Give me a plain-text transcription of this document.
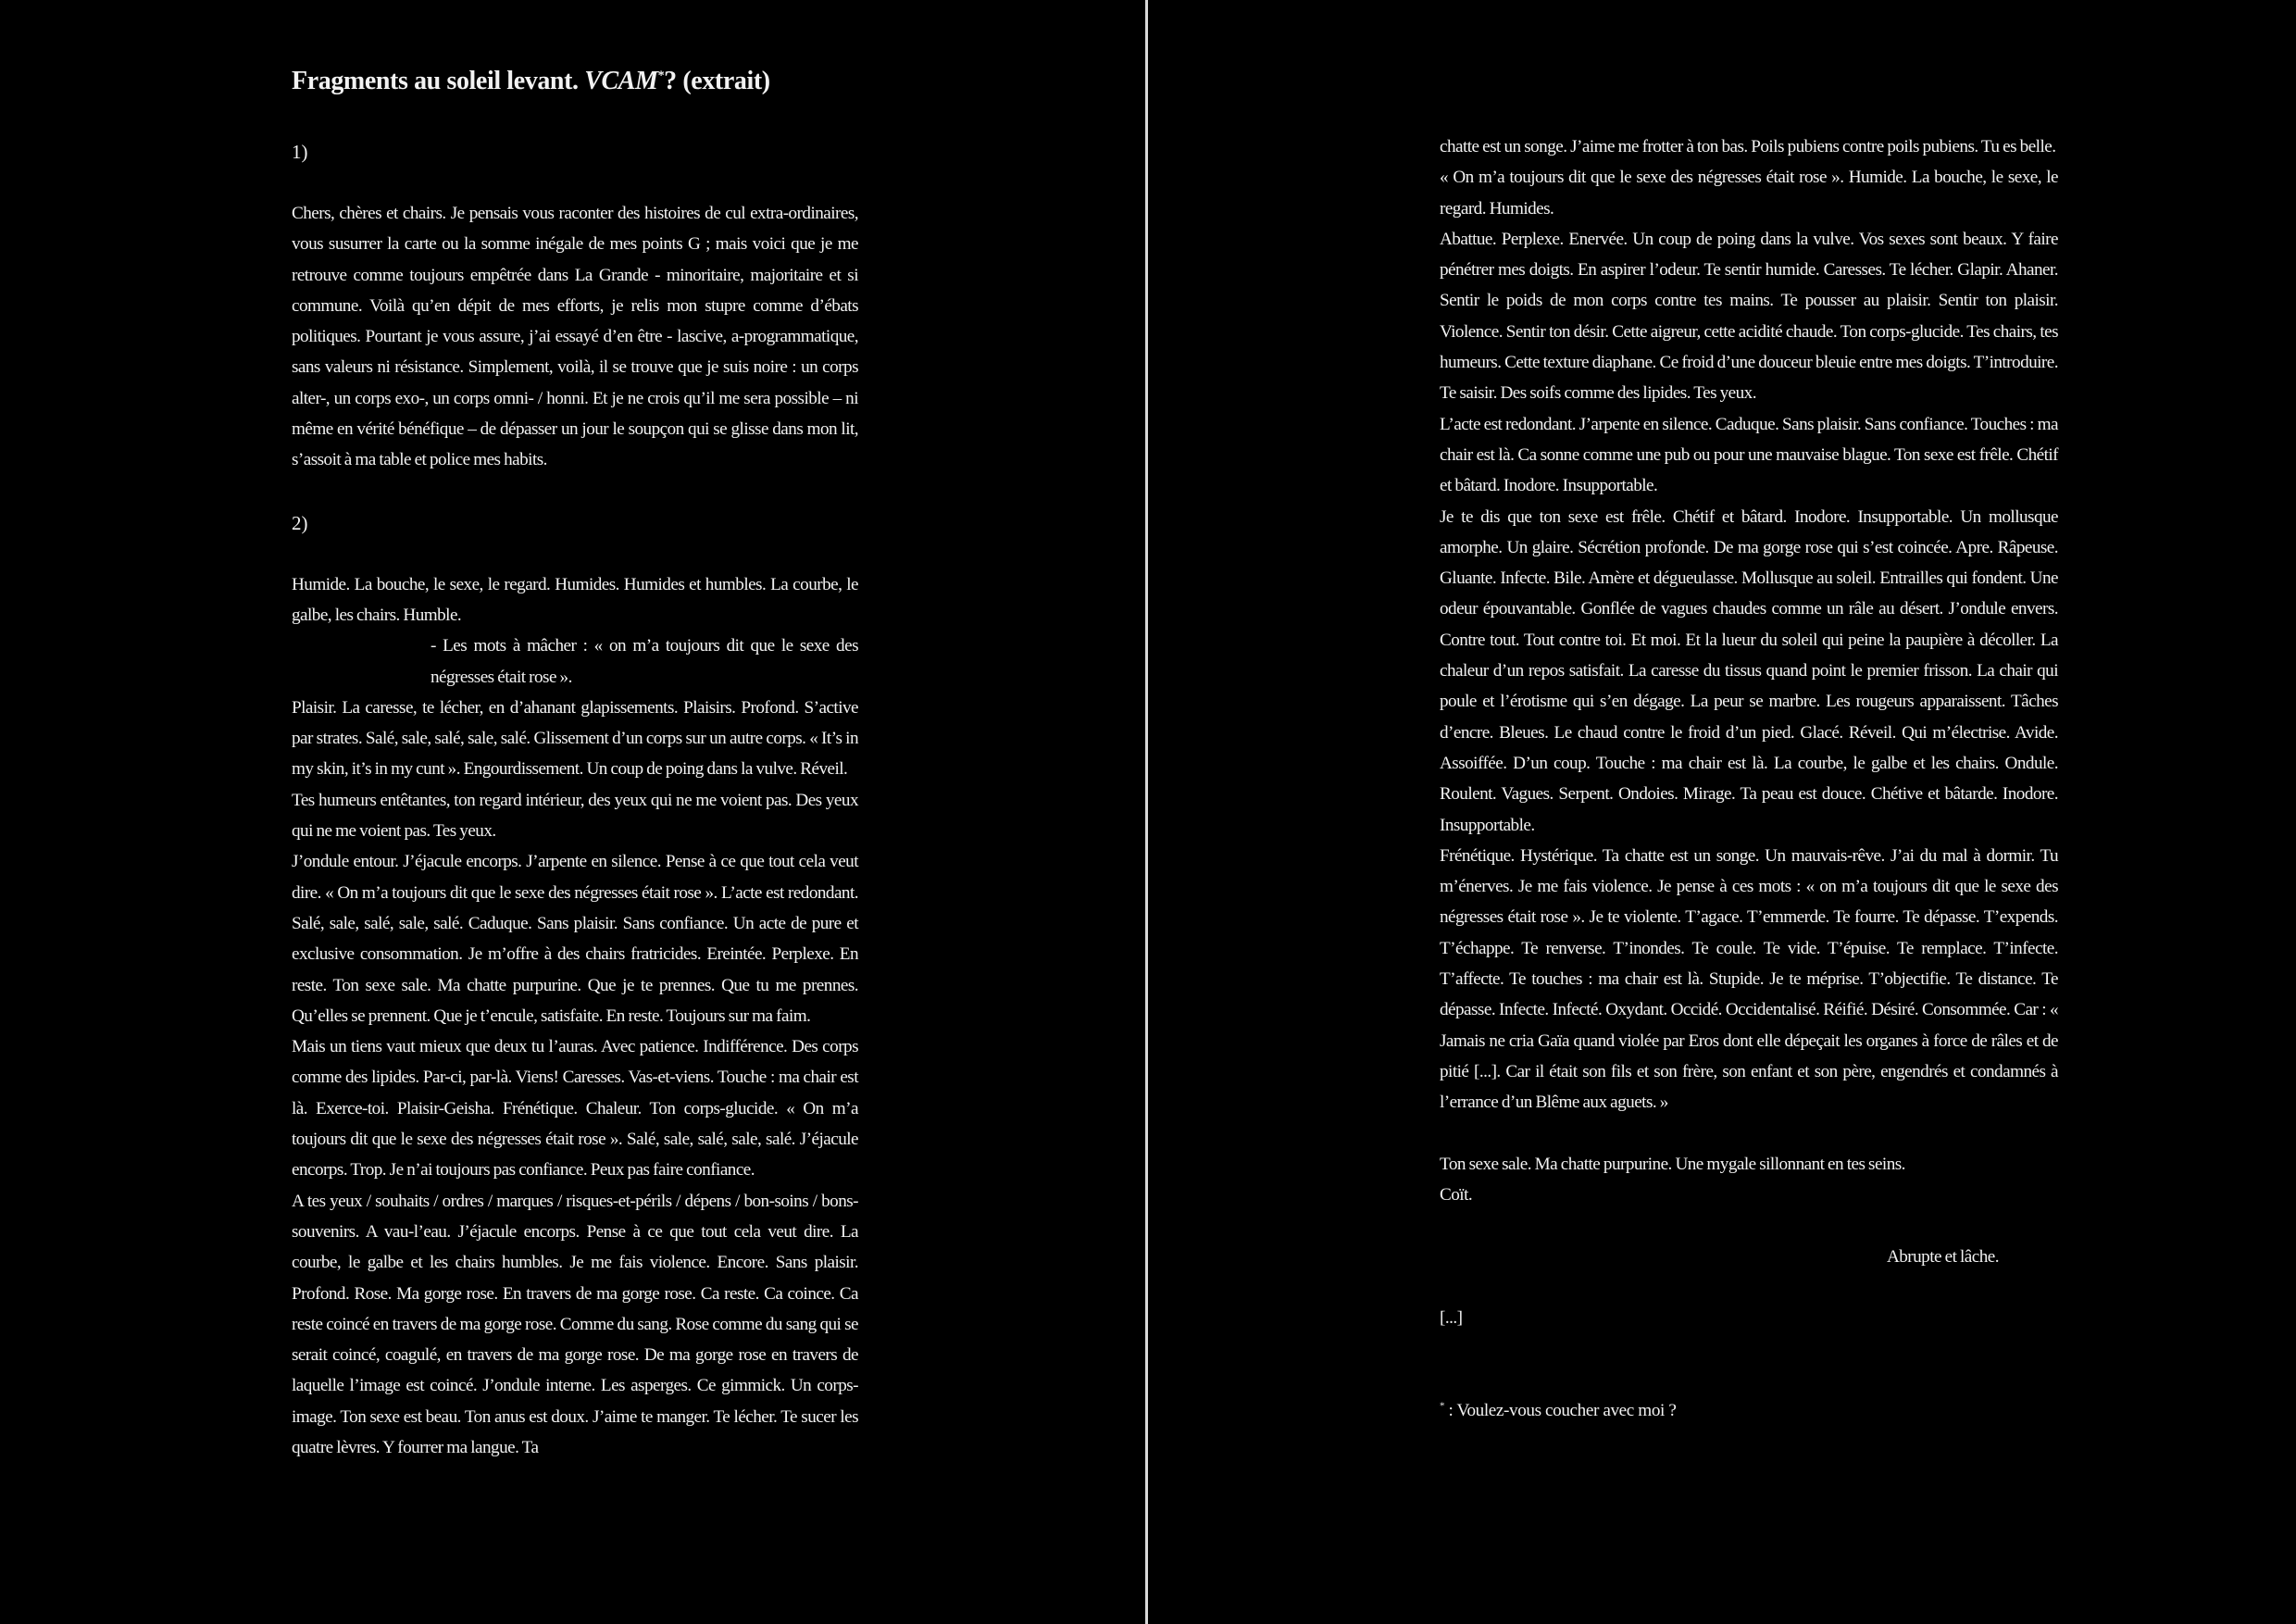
Fragments au soleil levant. VCAM*? (extrait)
1)

Chers, chères et chairs. Je pensais vous raconter des histoires de cul extra-ordinaires, vous susurrer la carte ou la somme inégale de mes points G ; mais voici que je me retrouve comme toujours empêtrée dans La Grande - minoritaire, majoritaire et si commune. Voilà qu’en dépit de mes efforts, je relis mon stupre comme d’ébats politiques. Pourtant je vous assure, j’ai essayé d’en être - lascive, a-programmatique, sans valeurs ni résistance. Simplement, voilà, il se trouve que je suis noire : un corps alter-, un corps exo-, un corps omni- / honni. Et je ne crois qu’il me sera possible – ni même en vérité bénéfique – de dépasser un jour le soupçon qui se glisse dans mon lit, s’assoit à ma table et police mes habits.

2)

Humide. La bouche, le sexe, le regard. Humides. Humides et humbles. La courbe, le galbe, les chairs. Humble.

- Les mots à mâcher : « on m’a toujours dit que le sexe des négresses était rose ».

Plaisir. La caresse, te lécher, en d’ahanant glapissements. Plaisirs. Profond. S’active par strates. Salé, sale, salé, sale, salé. Glissement d’un corps sur un autre corps. « It’s in my skin, it’s in my cunt ». Engourdissement. Un coup de poing dans la vulve. Réveil.

Tes humeurs entêtantes, ton regard intérieur, des yeux qui ne me voient pas. Des yeux qui ne me voient pas. Tes yeux.

J’ondule entour. J’éjacule encorps. J’arpente en silence. Pense à ce que tout cela veut dire. « On m’a toujours dit que le sexe des négresses était rose ». L’acte est redondant. Salé, sale, salé, sale, salé. Caduque. Sans plaisir. Sans confiance. Un acte de pure et exclusive consommation. Je m’offre à des chairs fratricides. Ereintée. Perplexe. En reste. Ton sexe sale. Ma chatte purpurine. Que je te prennes. Que tu me prennes. Qu’elles se prennent. Que je t’encule, satisfaite. En reste. Toujours sur ma faim.

Mais un tiens vaut mieux que deux tu l’auras. Avec patience. Indifférence. Des corps comme des lipides. Par-ci, par-là. Viens! Caresses. Vas-et-viens. Touche : ma chair est là. Exerce-toi. Plaisir-Geisha. Frénétique. Chaleur. Ton corps-glucide. « On m’a toujours dit que le sexe des négresses était rose ». Salé, sale, salé, sale, salé. J’éjacule encorps. Trop. Je n’ai toujours pas confiance. Peux pas faire confiance.

A tes yeux / souhaits / ordres / marques / risques-et-périls / dépens / bon-soins / bons-souvenirs. A vau-l’eau. J’éjacule encorps. Pense à ce que tout cela veut dire. La courbe, le galbe et les chairs humbles. Je me fais violence. Encore. Sans plaisir. Profond. Rose. Ma gorge rose. En travers de ma gorge rose. Ca reste. Ca coince. Ca reste coincé en travers de ma gorge rose. Comme du sang. Rose comme du sang qui se serait coincé, coagulé, en travers de ma gorge rose. De ma gorge rose en travers de laquelle l’image est coincé. J’ondule interne. Les asperges. Ce gimmick. Un corps-image. Ton sexe est beau. Ton anus est doux. J’aime te manger. Te lécher. Te sucer les quatre lèvres. Y fourrer ma langue. Ta

chatte est un songe. J’aime me frotter à ton bas. Poils pubiens contre poils pubiens. Tu es belle.

« On m’a toujours dit que le sexe des négresses était rose ». Humide. La bouche, le sexe, le regard. Humides.

Abattue. Perplexe. Enervée. Un coup de poing dans la vulve. Vos sexes sont beaux. Y faire pénétrer mes doigts. En aspirer l’odeur. Te sentir humide. Caresses. Te lécher. Glapir. Ahaner. Sentir le poids de mon corps contre tes mains. Te pousser au plaisir. Sentir ton plaisir. Violence. Sentir ton désir. Cette aigreur, cette acidité chaude. Ton corps-glucide. Tes chairs, tes humeurs. Cette texture diaphane. Ce froid d’une douceur bleuie entre mes doigts. T’introduire. Te saisir. Des soifs comme des lipides. Tes yeux.

L’acte est redondant. J’arpente en silence. Caduque. Sans plaisir. Sans confiance. Touches : ma chair est là. Ca sonne comme une pub ou pour une mauvaise blague. Ton sexe est frêle. Chétif et bâtard. Inodore. Insupportable.

Je te dis que ton sexe est frêle. Chétif et bâtard. Inodore. Insupportable. Un mollusque amorphe. Un glaire. Sécrétion profonde. De ma gorge rose qui s’est coincée. Apre. Râpeuse. Gluante. Infecte. Bile. Amère et dégueulasse. Mollusque au soleil. Entrailles qui fondent. Une odeur épouvantable. Gonflée de vagues chaudes comme un râle au désert. J’ondule envers. Contre tout. Tout contre toi. Et moi. Et la lueur du soleil qui peine la paupière à décoller. La chaleur d’un repos satisfait. La caresse du tissus quand point le premier frisson. La chair qui poule et l’érotisme qui s’en dégage. La peur se marbre. Les rougeurs apparaissent. Tâches d’encre. Bleues. Le chaud contre le froid d’un pied. Glacé. Réveil. Qui m’électrise. Avide. Assoiffée. D’un coup. Touche : ma chair est là. La courbe, le galbe et les chairs. Ondule. Roulent. Vagues. Serpent. Ondoies. Mirage. Ta peau est douce. Chétive et bâtarde. Inodore. Insupportable.

Frénétique. Hystérique. Ta chatte est un songe. Un mauvais-rêve. J’ai du mal à dormir. Tu m’énerves. Je me fais violence. Je pense à ces mots : « on m’a toujours dit que le sexe des négresses était rose ». Je te violente. T’agace. T’emmerde. Te fourre. Te dépasse. T’expends. T’échappe. Te renverse. T’inondes. Te coule. Te vide. T’épuise. Te remplace. T’infecte. T’affecte. Te touches : ma chair est là. Stupide. Je te méprise. T’objectifie. Te distance. Te dépasse. Infecte. Infecté. Oxydant. Occidé. Occidentalisé. Réifié. Désiré. Consommée. Car : « Jamais ne cria Gaïa quand violée par Eros dont elle dépeçait les organes à force de râles et de pitié [...]. Car il était son fils et son frère, son enfant et son père, engendrés et condamnés à l’errance d’un Blême aux aguets. »

Ton sexe sale. Ma chatte purpurine. Une mygale sillonnant en tes seins.
Coït.

Abrupte et lâche.

[...]
* : Voulez-vous coucher avec moi ?
